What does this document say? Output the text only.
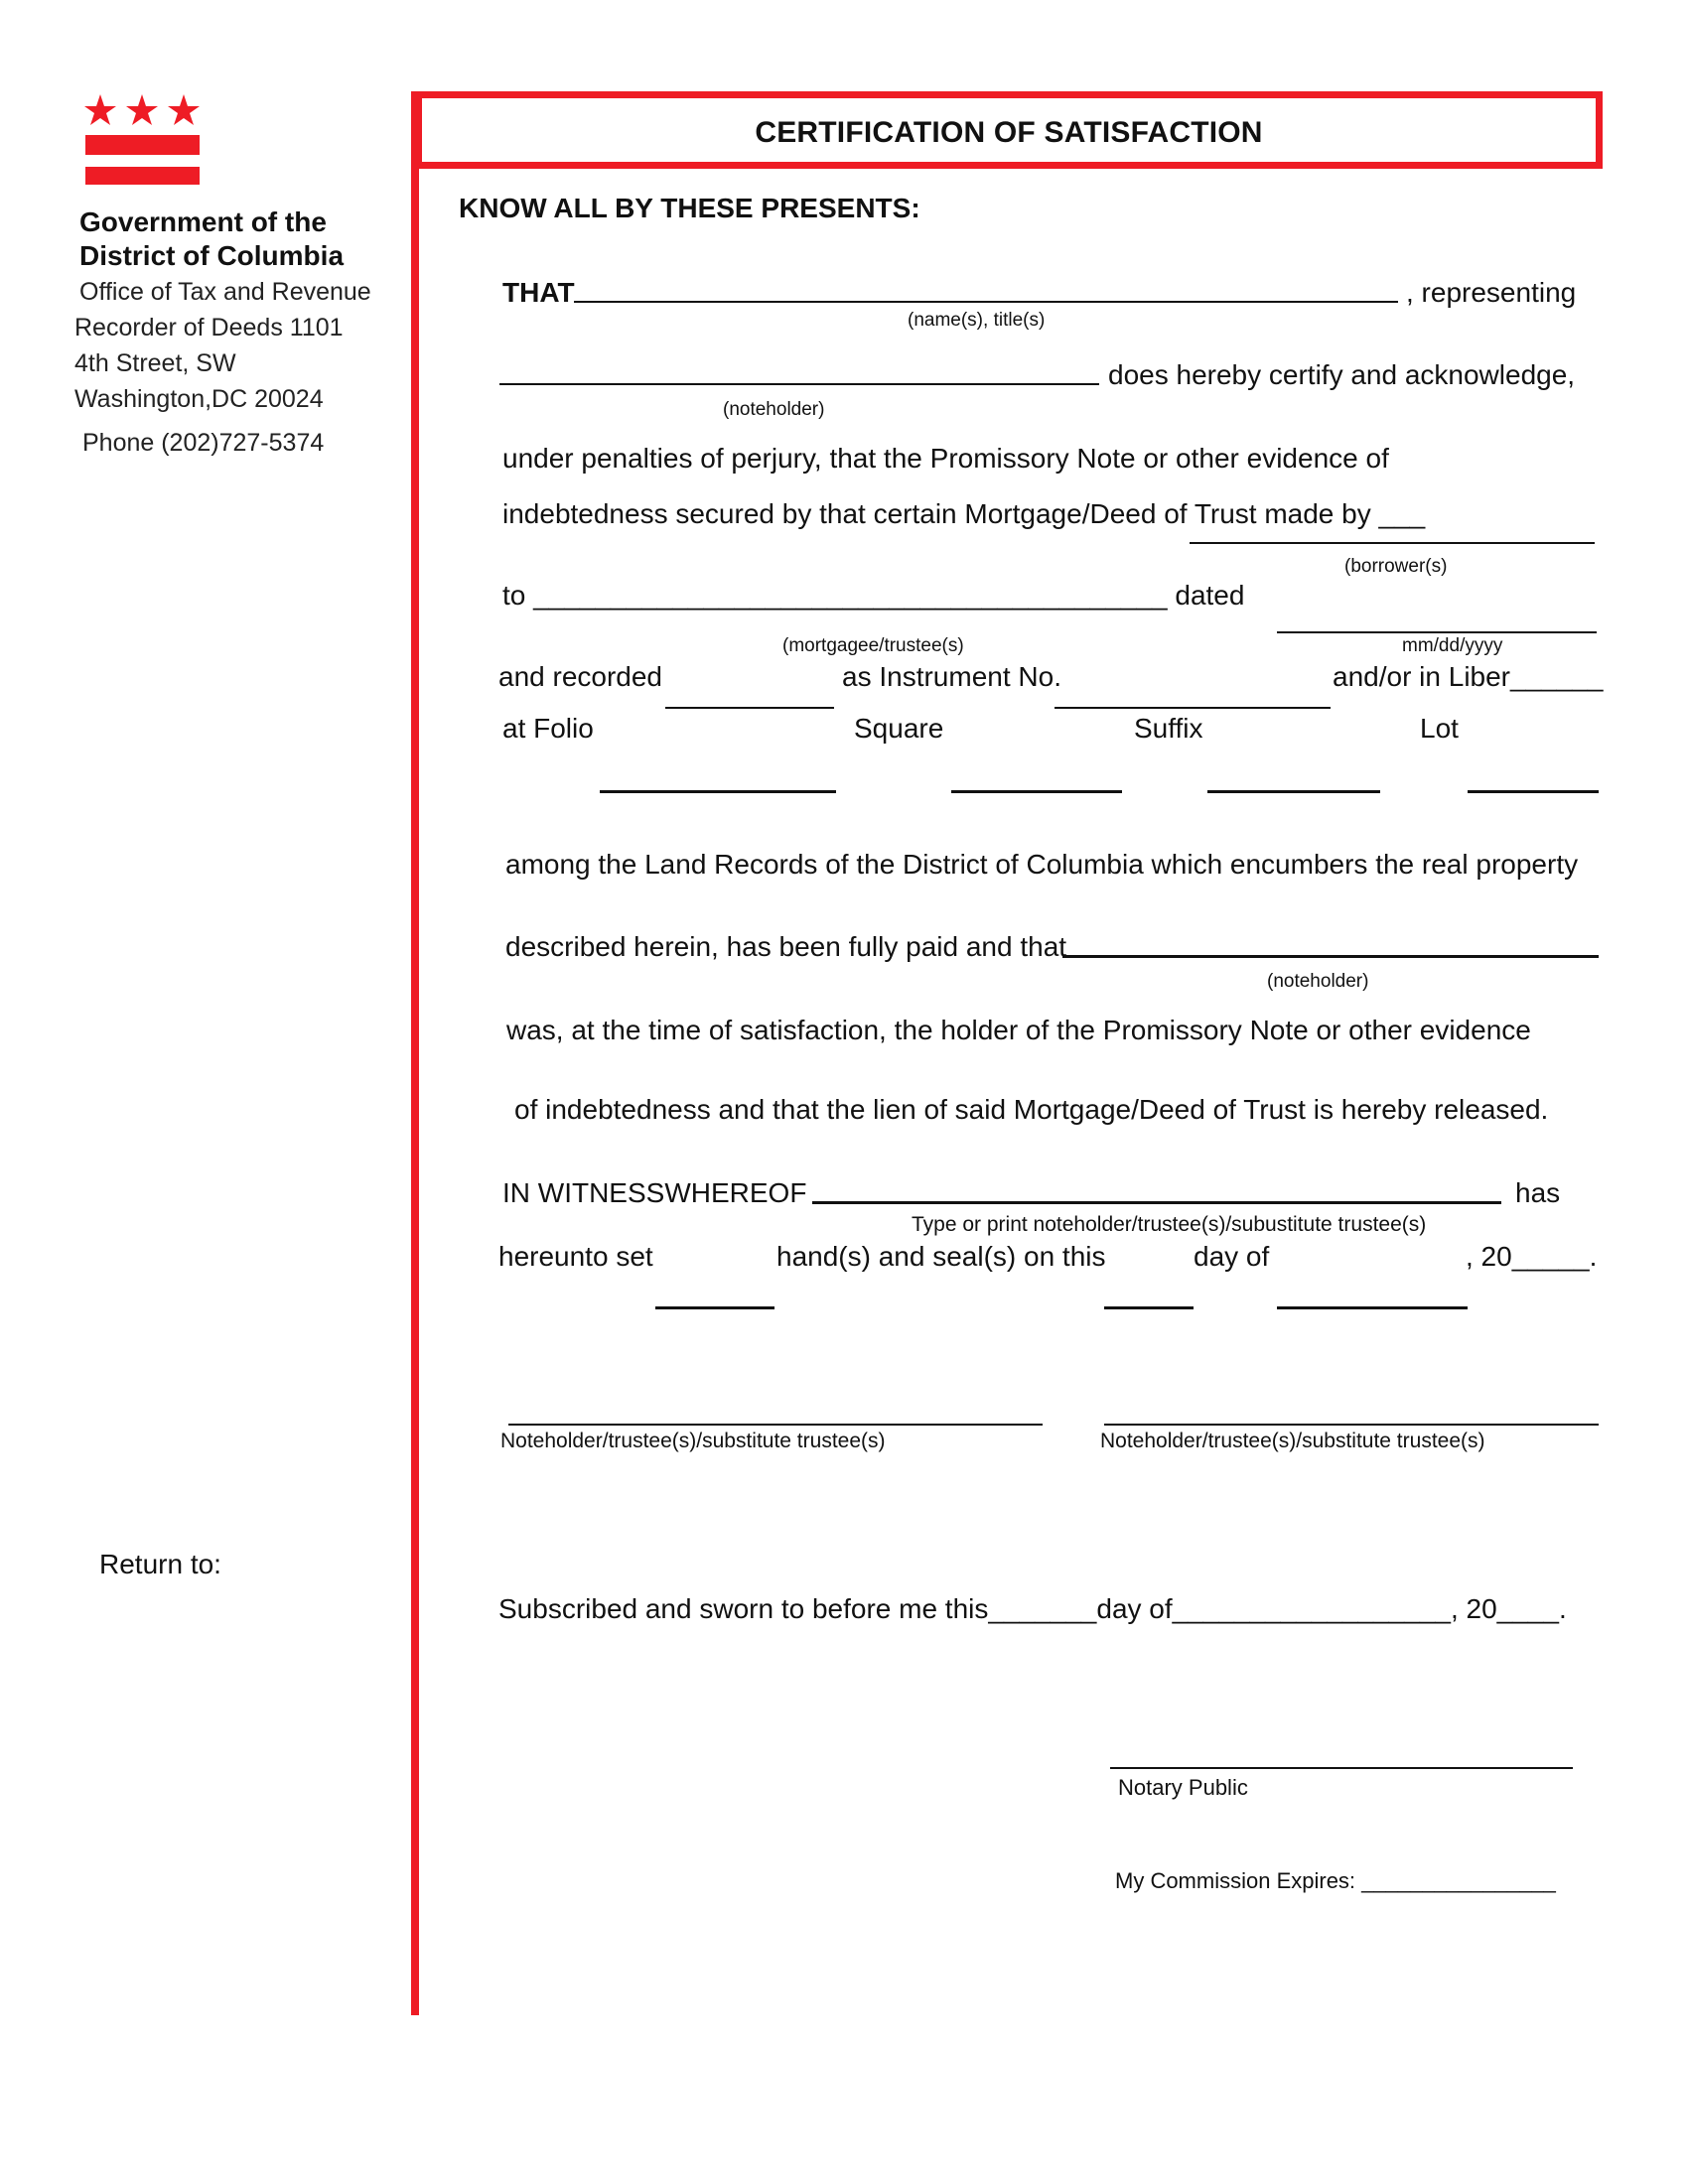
Government of the
District of Columbia
Office of Tax and Revenue
Recorder of Deeds 1101
4th Street, SW
Washington,DC 20024
Phone (202)727-5374
Return to:
CERTIFICATION OF SATISFACTION
KNOW ALL BY THESE PRESENTS:
THAT	, representing
(name(s), title(s)
does hereby certify and acknowledge,
(noteholder)
under penalties of perjury, that the Promissory Note or other evidence of
indebtedness secured by that certain Mortgage/Deed of Trust made by ___
(borrower(s)
to _________________________________________ dated
(mortgagee/trustee(s)	mm/dd/yyyy
and recorded	as Instrument No.	and/or in Liber______
at Folio	Square	Suffix	Lot
among the Land Records of the District of Columbia which encumbers the real property
described herein, has been fully paid and that
(noteholder)
was, at the time of satisfaction, the holder of the Promissory Note or other evidence
of indebtedness and that the lien of said Mortgage/Deed of Trust is hereby released.
IN WITNESSWHEREOF	has
Type or print noteholder/trustee(s)/subustitute trustee(s)
hereunto set	hand(s) and seal(s) on this	day of	, 20_____.
Noteholder/trustee(s)/substitute trustee(s)	Noteholder/trustee(s)/substitute trustee(s)
Subscribed and sworn to before me this_______day of__________________, 20____.
Notary Public
My Commission Expires: ________________
